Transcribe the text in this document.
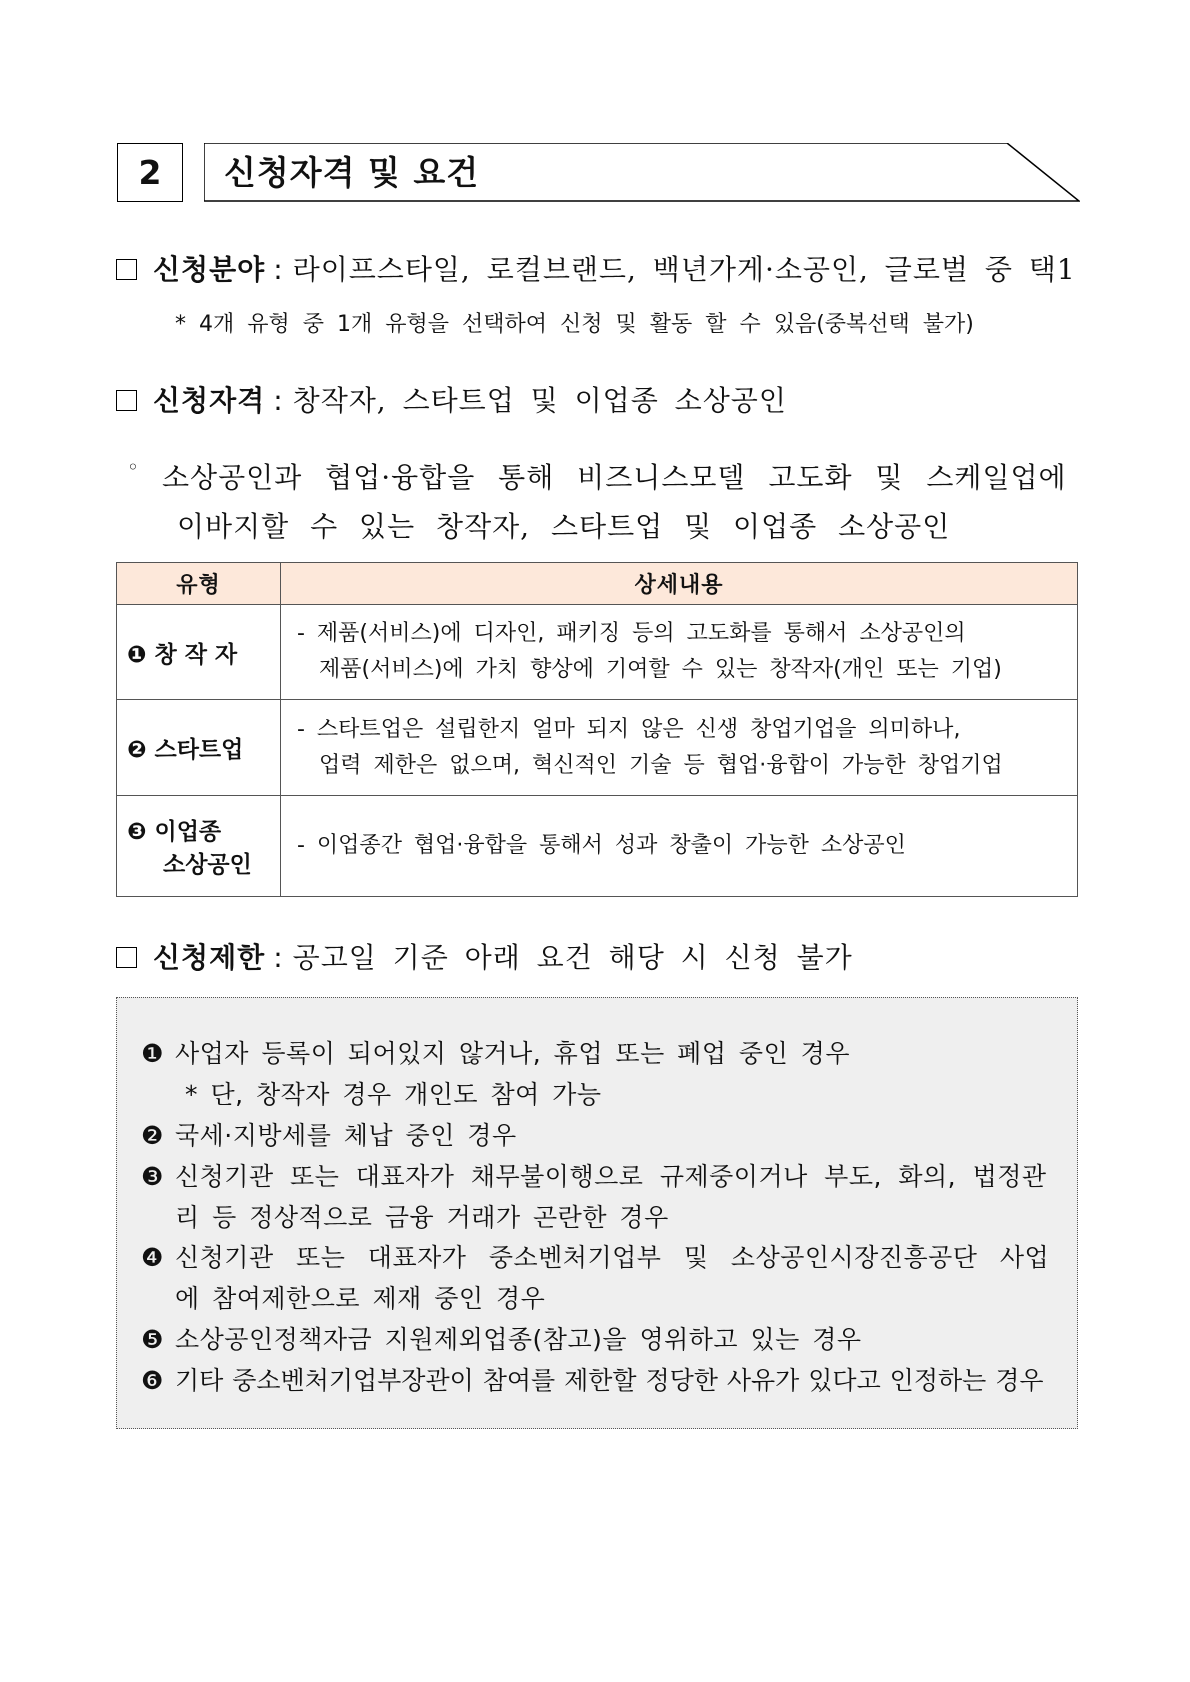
2	신청자격 및 요건
신청분야 : 라이프스타일, 로컬브랜드, 백년가게·소공인, 글로벌 중 택1
* 4개 유형 중 1개 유형을 선택하여 신청 및 활동 할 수 있음(중복선택 불가)
신청자격 : 창작자, 스타트업 및 이업종 소상공인
◦ 소상공인과 협업·융합을 통해 비즈니스모델 고도화 및 스케일업에
이바지할 수 있는 창작자, 스타트업 및 이업종 소상공인
유형	상세내용
❶ 창 작 자	- 제품(서비스)에 디자인, 패키징 등의 고도화를 통해서 소상공인의
제품(서비스)에 가치 향상에 기여할 수 있는 창작자(개인 또는 기업)

❷ 스타트업	- 스타트업은 설립한지 얼마 되지 않은 신생 창업기업을 의미하나,
업력 제한은 없으며, 혁신적인 기술 등 협업·융합이 가능한 창업기업

❸ 이업종
소상공인	- 이업종간 협업·융합을 통해서 성과 창출이 가능한 소상공인
신청제한 : 공고일 기준 아래 요건 해당 시 신청 불가
❶ 사업자 등록이 되어있지 않거나, 휴업 또는 폐업 중인 경우
* 단, 창작자 경우 개인도 참여 가능
❷ 국세·지방세를 체납 중인 경우
❸ 신청기관 또는 대표자가 채무불이행으로 규제중이거나 부도, 화의, 법정관
리 등 정상적으로 금융 거래가 곤란한 경우
❹ 신청기관 또는 대표자가 중소벤처기업부 및 소상공인시장진흥공단 사업
에 참여제한으로 제재 중인 경우
❺ 소상공인정책자금 지원제외업종(참고)을 영위하고 있는 경우
❻ 기타 중소벤처기업부장관이 참여를 제한할 정당한 사유가 있다고 인정하는 경우
